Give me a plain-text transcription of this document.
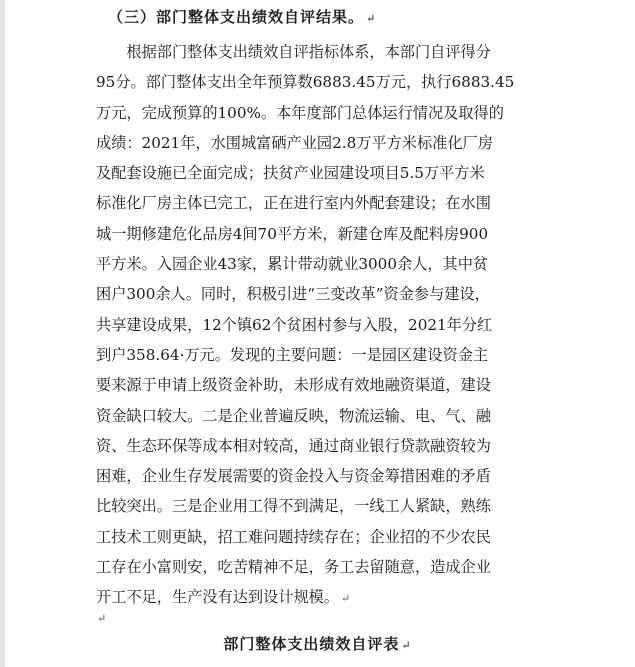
（三）部门整体支出绩效自评结果。 ↵
　　根据部门整体支出绩效自评指标体系，本部门自评得分
95分。部门整体支出全年预算数6883.45万元，执行6883.45
万元，完成预算的100%。本年度部门总体运行情况及取得的
成绩：2021年，水围城富硒产业园2.8万平方米标准化厂房
及配套设施已全面完成；扶贫产业园建设项目5.5万平方米
标准化厂房主体已完工，正在进行室内外配套建设；在水围
城一期修建危化品房4间70平方米，新建仓库及配料房900
平方米。入园企业43家，累计带动就业3000余人，其中贫
困户300余人。同时，积极引进“三变改革”资金参与建设，
共享建设成果，12个镇62个贫困村参与入股，2021年分红
到户358.64·万元。发现的主要问题：一是园区建设资金主
要来源于申请上级资金补助，未形成有效地融资渠道，建设
资金缺口较大。二是企业普遍反映，物流运输、电、气、融
资、生态环保等成本相对较高，通过商业银行贷款融资较为
困难，企业生存发展需要的资金投入与资金筹措困难的矛盾
比较突出。三是企业用工得不到满足，一线工人紧缺，熟练
工技术工则更缺，招工难问题持续存在；企业招的不少农民
工存在小富则安，吃苦精神不足，务工去留随意，造成企业
开工不足，生产没有达到设计规模。 ↵
↵
部门整体支出绩效自评表 ↵
